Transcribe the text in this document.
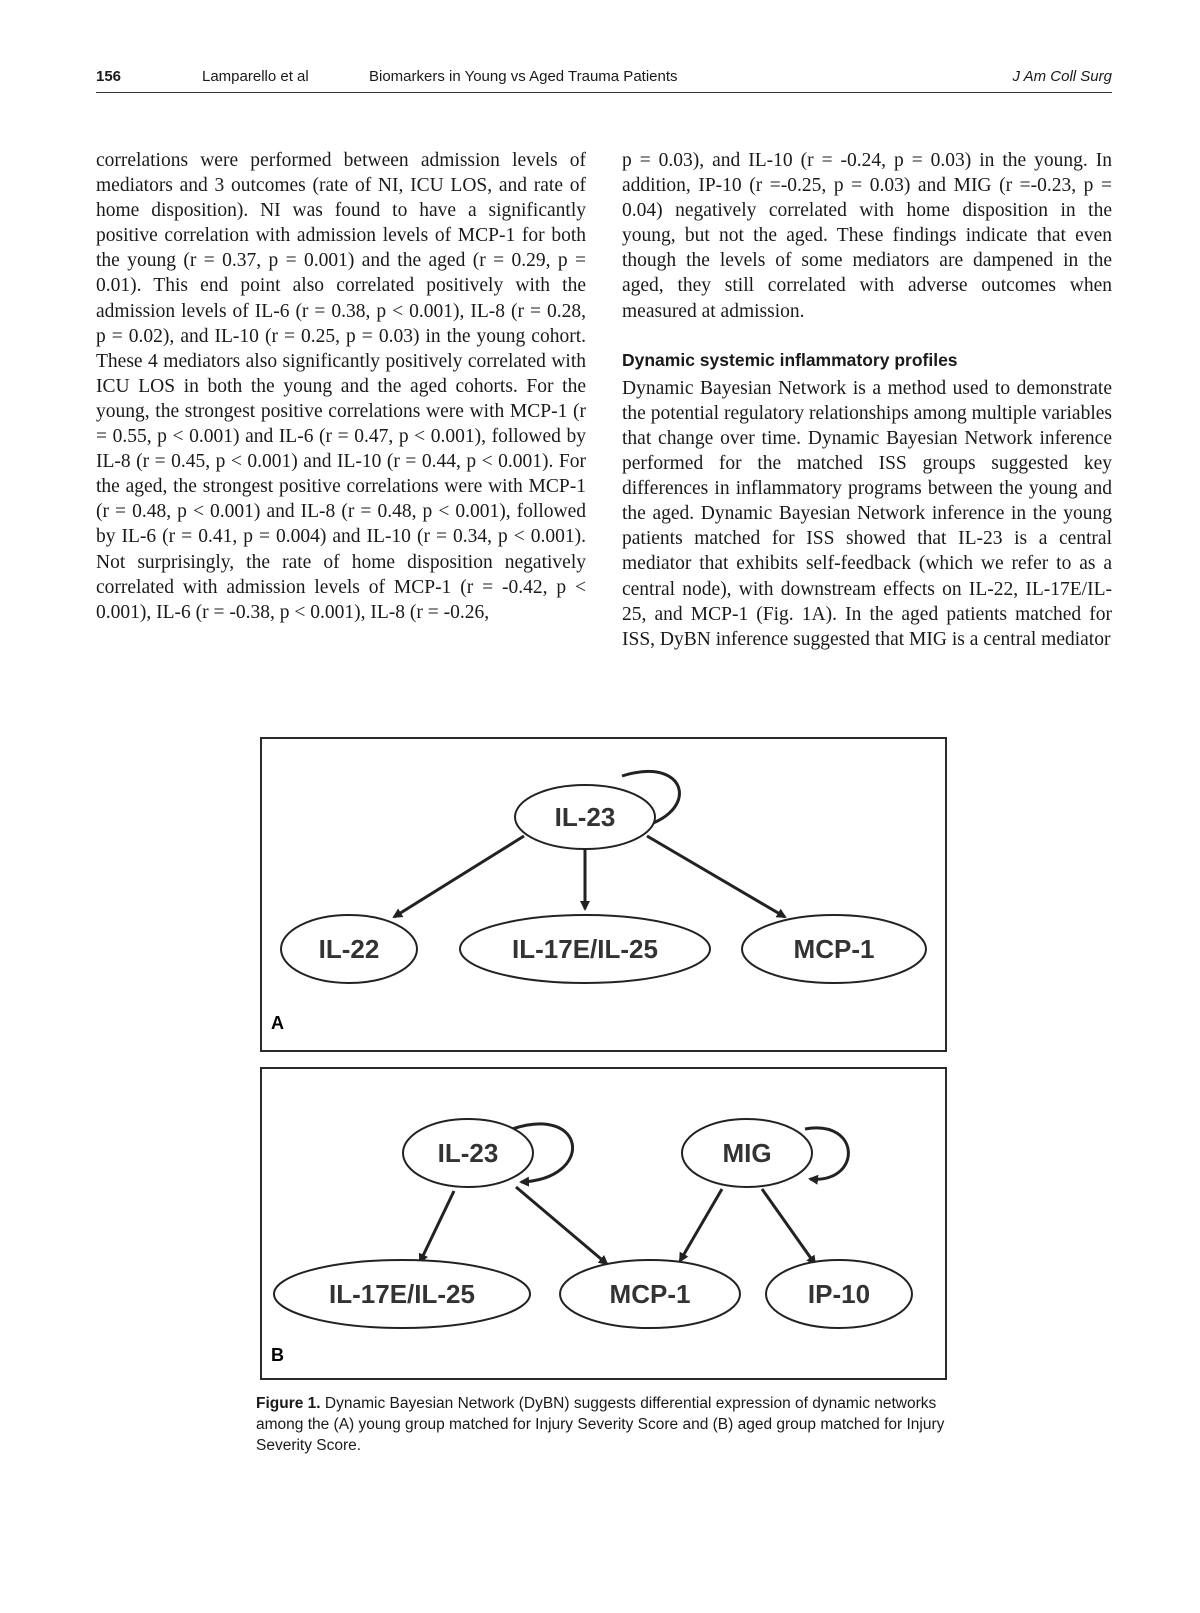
156	Lamparello et al	Biomarkers in Young vs Aged Trauma Patients	J Am Coll Surg

correlations were performed between admission levels of mediators and 3 outcomes (rate of NI, ICU LOS, and rate of home disposition). NI was found to have a significantly positive correlation with admission levels of MCP-1 for both the young (r = 0.37, p = 0.001) and the aged (r = 0.29, p = 0.01). This end point also correlated positively with the admission levels of IL-6 (r = 0.38, p < 0.001), IL-8 (r = 0.28, p = 0.02), and IL-10 (r = 0.25, p = 0.03) in the young cohort. These 4 mediators also significantly positively correlated with ICU LOS in both the young and the aged cohorts. For the young, the strongest positive correlations were with MCP-1 (r = 0.55, p < 0.001) and IL-6 (r = 0.47, p < 0.001), followed by IL-8 (r = 0.45, p < 0.001) and IL-10 (r = 0.44, p < 0.001). For the aged, the strongest positive correlations were with MCP-1 (r = 0.48, p < 0.001) and IL-8 (r = 0.48, p < 0.001), followed by IL-6 (r = 0.41, p = 0.004) and IL-10 (r = 0.34, p < 0.001). Not surprisingly, the rate of home disposition negatively correlated with admission levels of MCP-1 (r = -0.42, p < 0.001), IL-6 (r = -0.38, p < 0.001), IL-8 (r = -0.26,

p = 0.03), and IL-10 (r = -0.24, p = 0.03) in the young. In addition, IP-10 (r =-0.25, p = 0.03) and MIG (r =-0.23, p = 0.04) negatively correlated with home disposition in the young, but not the aged. These findings indicate that even though the levels of some mediators are dampened in the aged, they still correlated with adverse outcomes when measured at admission.

Dynamic systemic inflammatory profiles

Dynamic Bayesian Network is a method used to demonstrate the potential regulatory relationships among multiple variables that change over time. Dynamic Bayesian Network inference performed for the matched ISS groups suggested key differences in inflammatory programs between the young and the aged. Dynamic Bayesian Network inference in the young patients matched for ISS showed that IL-23 is a central mediator that exhibits self-feedback (which we refer to as a central node), with downstream effects on IL-22, IL-17E/IL-25, and MCP-1 (Fig. 1A). In the aged patients matched for ISS, DyBN inference suggested that MIG is a central mediator

IL-23
IL-22	IL-17E/IL-25	MCP-1
A
IL-23	MIG
IL-17E/IL-25	MCP-1	IP-10
B
Figure 1. Dynamic Bayesian Network (DyBN) suggests differential expression of dynamic networks among the (A) young group matched for Injury Severity Score and (B) aged group matched for Injury Severity Score.
